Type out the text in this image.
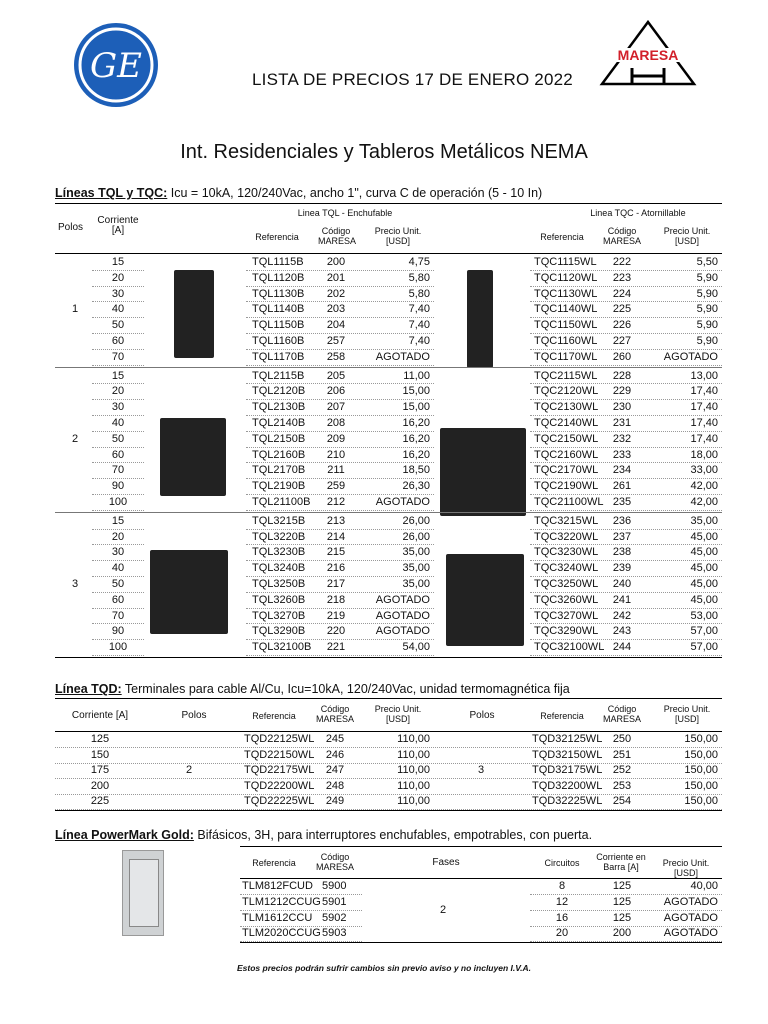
GE	MARESA
LISTA DE PRECIOS 17 DE ENERO 2022
Int. Residenciales y Tableros Metálicos NEMA
Líneas TQL y TQC: Icu = 10kA, 120/240Vac, ancho 1", curva C de operación (5 - 10 In)
Polos
Corriente [A]
Linea TQL - Enchufable	Linea TQC - Atornillable
Referencia
Código MARESA
Precio Unit. [USD]	Referencia
Código MARESA
Precio Unit. [USD]
15	TQL1115B	200	4,75	TQC1115WL	222	5,50
20	TQL1120B	201	5,80	TQC1120WL	223	5,90
30	TQL1130B	202	5,80	TQC1130WL	224	5,90
40	TQL1140B	203	7,40	TQC1140WL	225	5,90
50	TQL1150B	204	7,40	TQC1150WL	226	5,90
60	TQL1160B	257	7,40	TQC1160WL	227	5,90
70	TQL1170B	258	AGOTADO	TQC1170WL	260	AGOTADO
1
15	TQL2115B	205	11,00	TQC2115WL	228	13,00
20	TQL2120B	206	15,00	TQC2120WL	229	17,40
30	TQL2130B	207	15,00	TQC2130WL	230	17,40
40	TQL2140B	208	16,20	TQC2140WL	231	17,40
50	TQL2150B	209	16,20	TQC2150WL	232	17,40
60	TQL2160B	210	16,20	TQC2160WL	233	18,00
70	TQL2170B	211	18,50	TQC2170WL	234	33,00
90	TQL2190B	259	26,30	TQC2190WL	261	42,00
100	TQL21100B	212	AGOTADO	TQC21100WL 235	42,00
2
15	TQL3215B	213	26,00	TQC3215WL	236	35,00
20	TQL3220B	214	26,00	TQC3220WL	237	45,00
30	TQL3230B	215	35,00	TQC3230WL	238	45,00
40	TQL3240B	216	35,00	TQC3240WL	239	45,00
50	TQL3250B	217	35,00	TQC3250WL	240	45,00
60	TQL3260B	218	AGOTADO	TQC3260WL	241	45,00
70	TQL3270B	219	AGOTADO	TQC3270WL	242	53,00
90	TQL3290B	220	AGOTADO	TQC3290WL	243	57,00
100	TQL32100B	221	54,00	TQC32100WL 244	57,00
3
Línea TQD: Terminales para cable Al/Cu, Icu=10kA, 120/240Vac, unidad termomagnética fija
Corriente [A]	Polos	Referencia
Código MARESA
Precio Unit. [USD]	Polos	Referencia
Código MARESA
Precio Unit. [USD]
2	3
125	TQD22125WL	245	110,00	TQD32125WL 250	150,00
150	TQD22150WL	246	110,00	TQD32150WL 251	150,00
175	TQD22175WL	247	110,00	TQD32175WL 252	150,00
200	TQD22200WL	248	110,00	TQD32200WL 253	150,00
225	TQD22225WL	249	110,00	TQD32225WL 254	150,00
Línea PowerMark Gold: Bifásicos, 3H, para interruptores enchufables, empotrables, con puerta.
Referencia
Código MARESA	Fases	Circuitos
Corriente en Barra [A]	Precio Unit. [USD]
2
TLM812FCUD 5900	8	125	40,00
TLM1212CCUG 5901	12	125	AGOTADO
TLM1612CCU 5902	16	125	AGOTADO
TLM2020CCUG 5903	20	200	AGOTADO
Estos precios podrán sufrir cambios sin previo aviso y no incluyen I.V.A.
